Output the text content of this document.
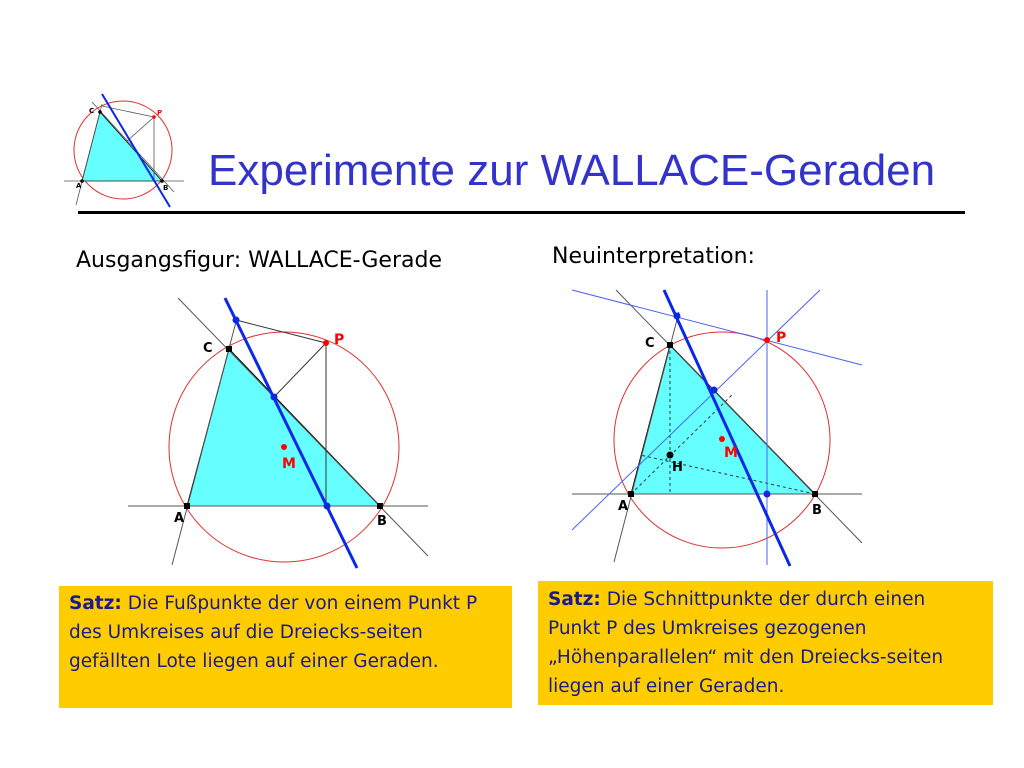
C	P
A	B Experimente zur WALLACE-Geraden
Ausgangsfigur: WALLACE-Gerade	Neuinterpretation:
C
P
M
A	B
C	P
M
H
A	B
Satz: Die Fußpunkte der von einem Punkt P des Umkreises auf die Dreiecks-seiten gefällten Lote liegen auf einer Geraden.
Satz: Die Schnittpunkte der durch einen Punkt P des Umkreises gezogenen „Höhenparallelen“ mit den Dreiecks-seiten liegen auf einer Geraden.
